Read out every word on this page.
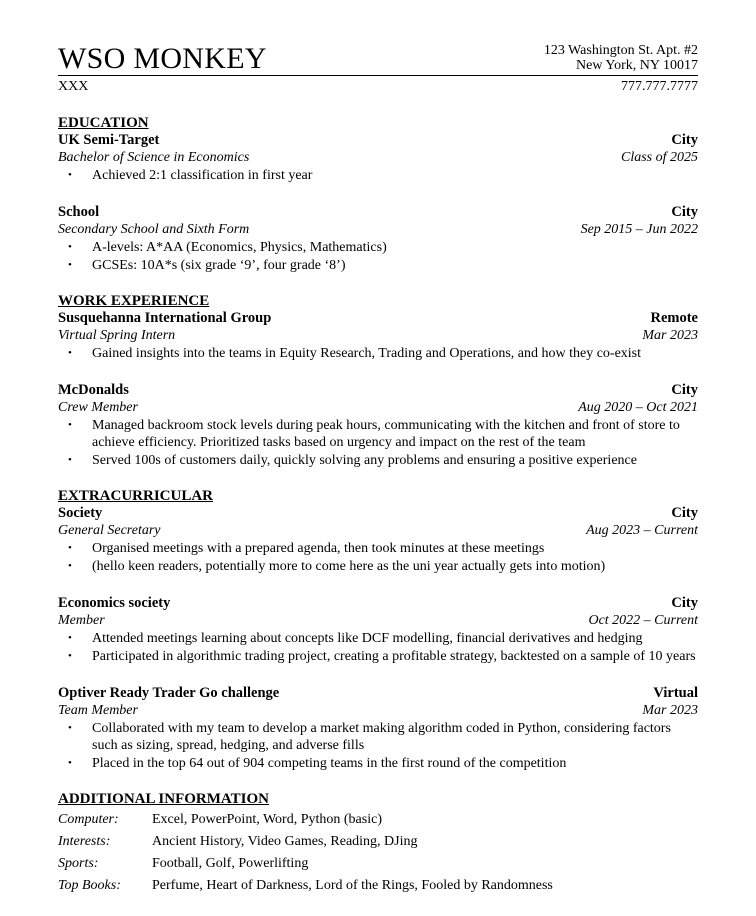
WSO MONKEY	123 Washington St. Apt. #2
New York, NY 10017
XXX	777.777.7777
EDUCATION
UK Semi-Target	City
Bachelor of Science in Economics	Class of 2025
• Achieved 2:1 classification in first year
School	City
Secondary School and Sixth Form	Sep 2015 – Jun 2022
• A-levels: A*AA (Economics, Physics, Mathematics)
• GCSEs: 10A*s (six grade ‘9’, four grade ‘8’)
WORK EXPERIENCE
Susquehanna International Group	Remote
Virtual Spring Intern	Mar 2023
• Gained insights into the teams in Equity Research, Trading and Operations, and how they co-exist
McDonalds	City
Crew Member	Aug 2020 – Oct 2021
• Managed backroom stock levels during peak hours, communicating with the kitchen and front of store to achieve efficiency. Prioritized tasks based on urgency and impact on the rest of the team
• Served 100s of customers daily, quickly solving any problems and ensuring a positive experience
EXTRACURRICULAR
Society	City
General Secretary	Aug 2023 – Current
• Organised meetings with a prepared agenda, then took minutes at these meetings
• (hello keen readers, potentially more to come here as the uni year actually gets into motion)
Economics society	City
Member	Oct 2022 – Current
• Attended meetings learning about concepts like DCF modelling, financial derivatives and hedging
• Participated in algorithmic trading project, creating a profitable strategy, backtested on a sample of 10 years
Optiver Ready Trader Go challenge	Virtual
Team Member	Mar 2023
• Collaborated with my team to develop a market making algorithm coded in Python, considering factors such as sizing, spread, hedging, and adverse fills
• Placed in the top 64 out of 904 competing teams in the first round of the competition
ADDITIONAL INFORMATION
Computer:	Excel, PowerPoint, Word, Python (basic)
Interests:	Ancient History, Video Games, Reading, DJing
Sports:	Football, Golf, Powerlifting
Top Books:	Perfume, Heart of Darkness, Lord of the Rings, Fooled by Randomness
